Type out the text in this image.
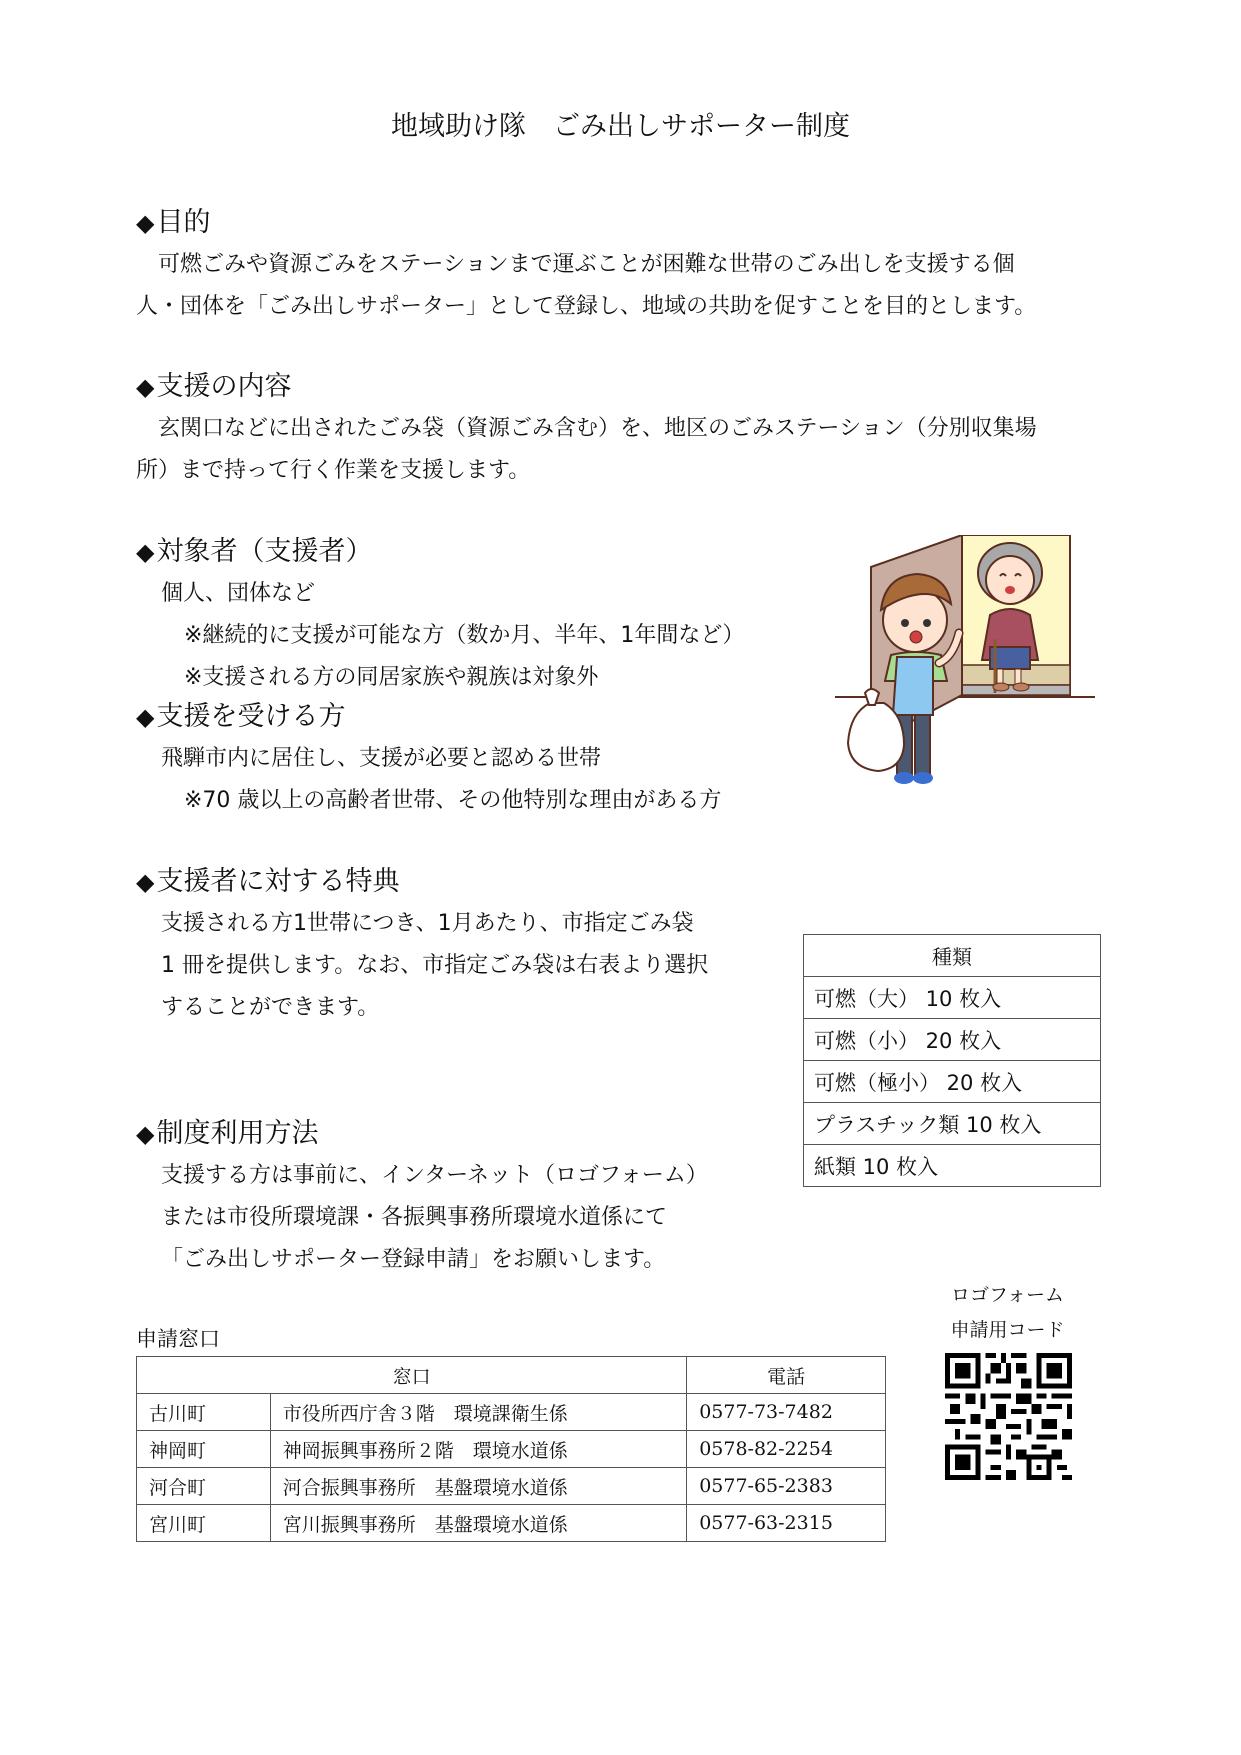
地域助け隊　ごみ出しサポーター制度
◆目的
　可燃ごみや資源ごみをステーションまで運ぶことが困難な世帯のごみ出しを支援する個
人・団体を「ごみ出しサポーター」として登録し、地域の共助を促すことを目的とします。
◆支援の内容
　玄関口などに出されたごみ袋（資源ごみ含む）を、地区のごみステーション（分別収集場
所）まで持って行く作業を支援します。
◆対象者（支援者）
個人、団体など
※継続的に支援が可能な方（数か月、半年、1年間など）
※支援される方の同居家族や親族は対象外
◆支援を受ける方
飛騨市内に居住し、支援が必要と認める世帯
※70 歳以上の高齢者世帯、その他特別な理由がある方
◆支援者に対する特典
支援される方1世帯につき、1月あたり、市指定ごみ袋
1 冊を提供します。なお、市指定ごみ袋は右表より選択
することができます。
種類
可燃（大） 10 枚入
可燃（小） 20 枚入
可燃（極小） 20 枚入
プラスチック類 10 枚入
紙類 10 枚入
◆制度利用方法
支援する方は事前に、インターネット（ロゴフォーム）
または市役所環境課・各振興事務所環境水道係にて
「ごみ出しサポーター登録申請」をお願いします。
申請窓口
窓口		電話
古川町	市役所西庁舎３階　環境課衛生係	0577-73-7482
神岡町	神岡振興事務所２階　環境水道係	0578-82-2254
河合町	河合振興事務所　基盤環境水道係	0577-65-2383
宮川町	宮川振興事務所　基盤環境水道係	0577-63-2315
ロゴフォーム
申請用コード
